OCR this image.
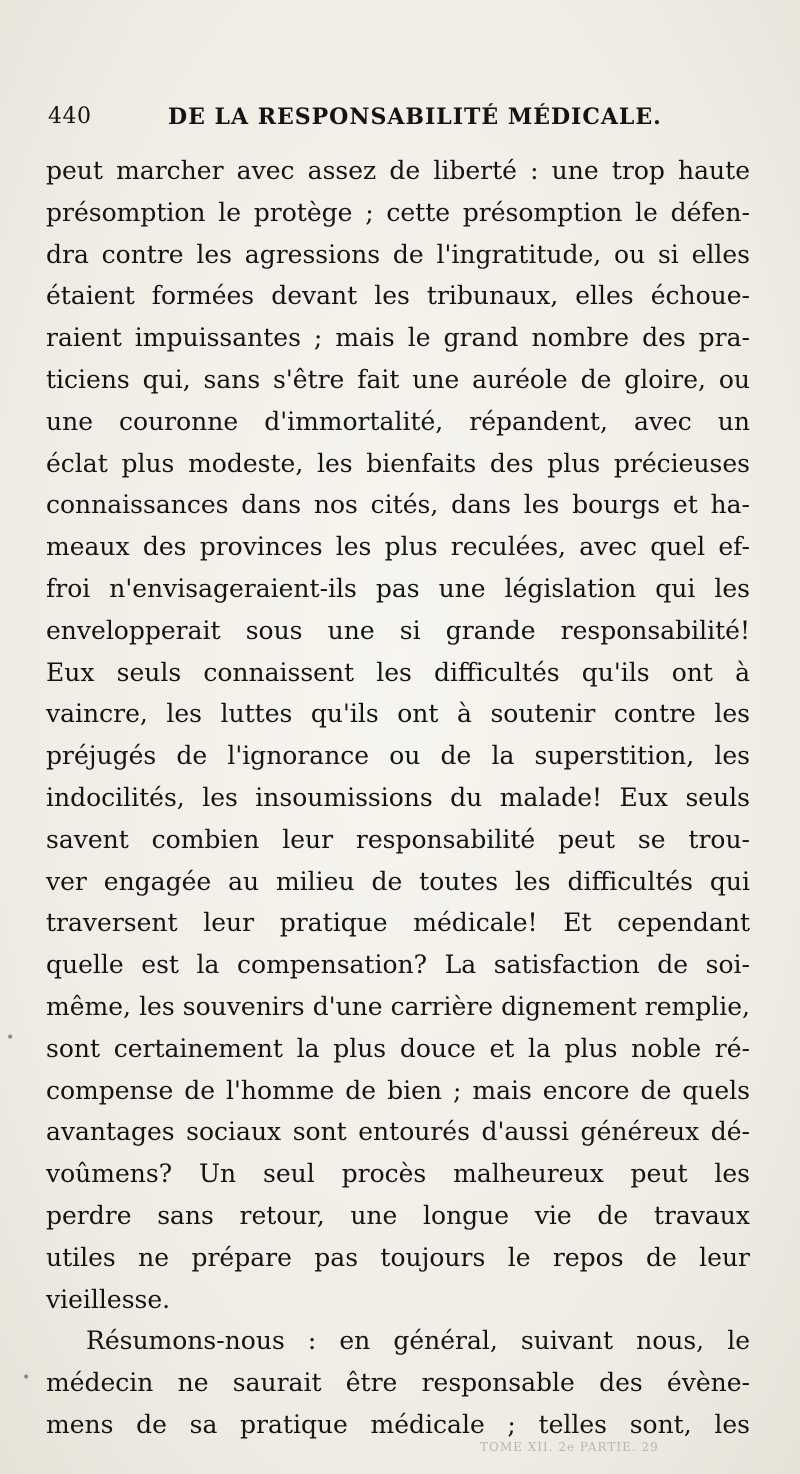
440	DE LA RESPONSABILITÉ MÉDICALE.
peut marcher avec assez de liberté : une trop haute
présomption le protège ; cette présomption le défen-
dra contre les agressions de l'ingratitude, ou si elles
étaient formées devant les tribunaux, elles échoue-
raient impuissantes ; mais le grand nombre des pra-
ticiens qui, sans s'être fait une auréole de gloire, ou
une couronne d'immortalité, répandent, avec un
éclat plus modeste, les bienfaits des plus précieuses
connaissances dans nos cités, dans les bourgs et ha-
meaux des provinces les plus reculées, avec quel ef-
froi n'envisageraient-ils pas une législation qui les
envelopperait sous une si grande responsabilité!
Eux seuls connaissent les difficultés qu'ils ont à
vaincre, les luttes qu'ils ont à soutenir contre les
préjugés de l'ignorance ou de la superstition, les
indocilités, les insoumissions du malade! Eux seuls
savent combien leur responsabilité peut se trou-
ver engagée au milieu de toutes les difficultés qui
traversent leur pratique médicale! Et cependant
quelle est la compensation? La satisfaction de soi-
même, les souvenirs d'une carrière dignement remplie,
sont certainement la plus douce et la plus noble ré-
compense de l'homme de bien ; mais encore de quels
avantages sociaux sont entourés d'aussi généreux dé-
voûmens? Un seul procès malheureux peut les
perdre sans retour, une longue vie de travaux
utiles ne prépare pas toujours le repos de leur
vieillesse.
Résumons-nous : en général, suivant nous, le
médecin ne saurait être responsable des évène-
mens de sa pratique médicale ; telles sont, les
TOME XII. 2e PARTIE. 29
•
•
